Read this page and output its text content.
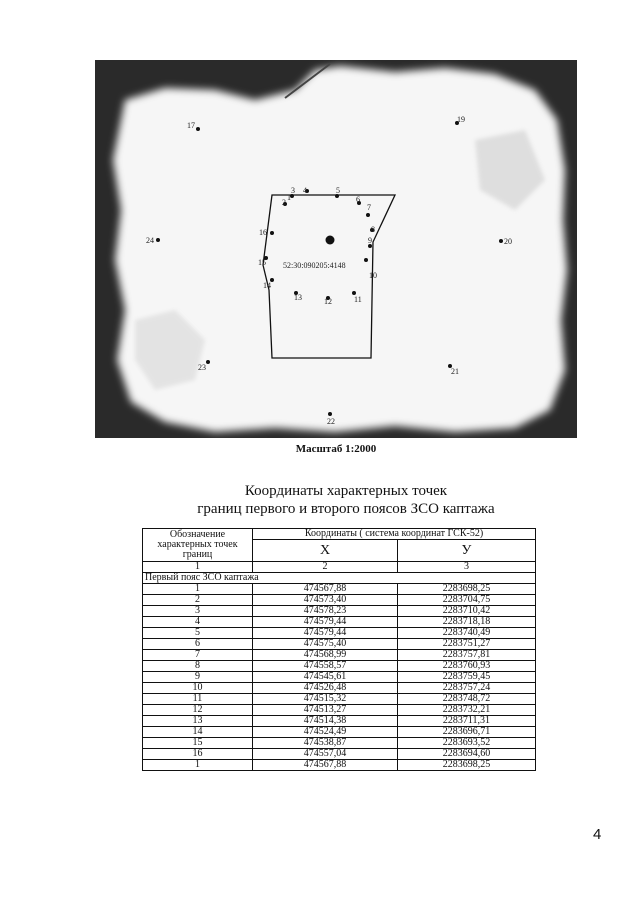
52:30:090205:4148
1
2
3 4	5
6
7
8
9
10
11
12
13
14
15
16
17
19
20
21
22
23
24
Масштаб 1:2000
Координаты характерных точек
границ первого и второго поясов ЗСО каптажа
Обозначение характерных точек границ	Координаты ( система координат ГСК-52)	
	X	У
1	2	3
Первый пояс ЗСО каптажа		
1	474567,88	2283698,25
2	474573,40	2283704,75
3	474578,23	2283710,42
4	474579,44	2283718,18
5	474579,44	2283740,49
6	474575,40	2283751,27
7	474568,99	2283757,81
8	474558,57	2283760,93
9	474545,61	2283759,45
10	474526,48	2283757,24
11	474515,32	2283748,72
12	474513,27	2283732,21
13	474514,38	2283711,31
14	474524,49	2283696,71
15	474538,87	2283693,52
16	474557,04	2283694,60
1	474567,88	2283698,25
4
